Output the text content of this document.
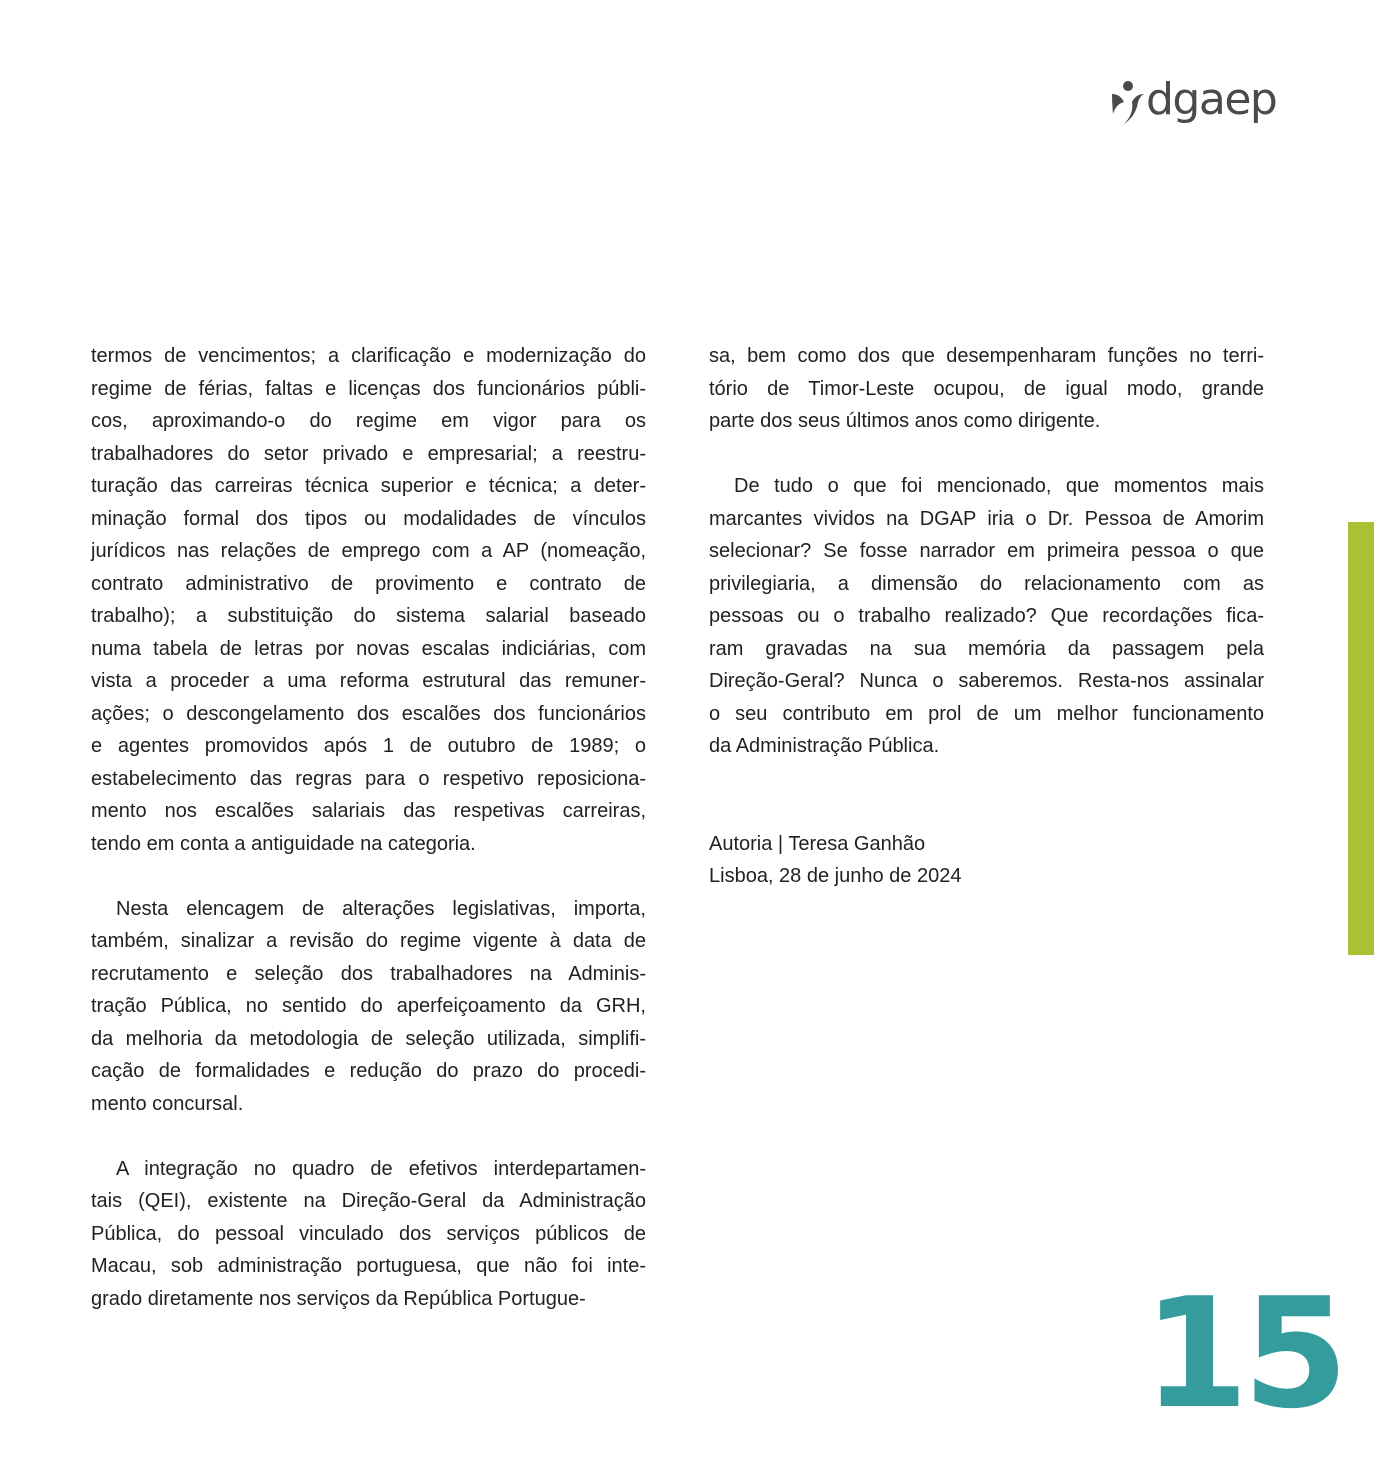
dgaep
termos de vencimentos; a clarificação e modernização do
regime de férias, faltas e licenças dos funcionários públi-
cos, aproximando-o do regime em vigor para os
trabalhadores do setor privado e empresarial; a reestru-
turação das carreiras técnica superior e técnica; a deter-
minação formal dos tipos ou modalidades de vínculos
jurídicos nas relações de emprego com a AP (nomeação,
contrato administrativo de provimento e contrato de
trabalho); a substituição do sistema salarial baseado
numa tabela de letras por novas escalas indiciárias, com
vista a proceder a uma reforma estrutural das remuner-
ações; o descongelamento dos escalões dos funcionários
e agentes promovidos após 1 de outubro de 1989; o
estabelecimento das regras para o respetivo reposiciona-
mento nos escalões salariais das respetivas carreiras,
tendo em conta a antiguidade na categoria.
Nesta elencagem de alterações legislativas, importa,
também, sinalizar a revisão do regime vigente à data de
recrutamento e seleção dos trabalhadores na Adminis-
tração Pública, no sentido do aperfeiçoamento da GRH,
da melhoria da metodologia de seleção utilizada, simplifi-
cação de formalidades e redução do prazo do procedi-
mento concursal.
A integração no quadro de efetivos interdepartamen-
tais (QEI), existente na Direção-Geral da Administração
Pública, do pessoal vinculado dos serviços públicos de
Macau, sob administração portuguesa, que não foi inte-
grado diretamente nos serviços da República Portugue-
sa, bem como dos que desempenharam funções no terri-
tório de Timor-Leste ocupou, de igual modo, grande
parte dos seus últimos anos como dirigente.
De tudo o que foi mencionado, que momentos mais
marcantes vividos na DGAP iria o Dr. Pessoa de Amorim
selecionar? Se fosse narrador em primeira pessoa o que
privilegiaria, a dimensão do relacionamento com as
pessoas ou o trabalho realizado? Que recordações fica-
ram gravadas na sua memória da passagem pela
Direção-Geral? Nunca o saberemos. Resta-nos assinalar
o seu contributo em prol de um melhor funcionamento
da Administração Pública.
Autoria | Teresa Ganhão
Lisboa, 28 de junho de 2024
15
